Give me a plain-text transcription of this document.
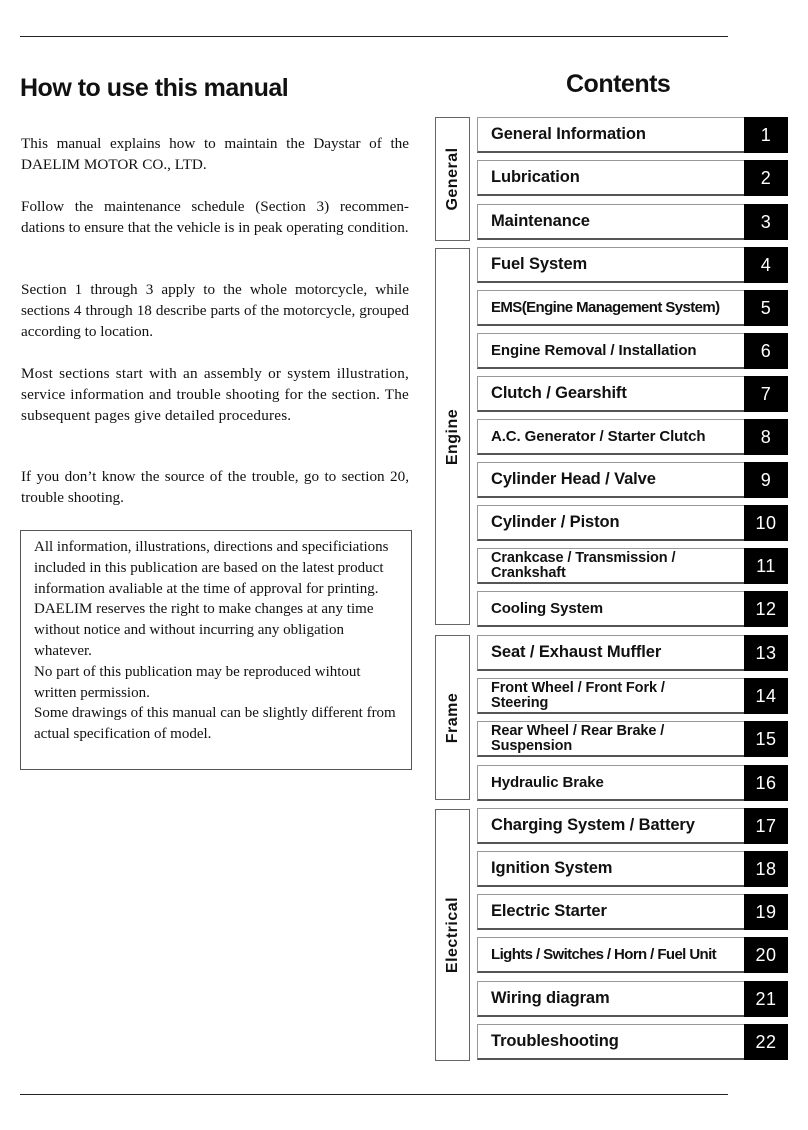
How to use this manual

This manual explains how to maintain the Daystar of the DAELIM MOTOR CO., LTD.

Follow the maintenance schedule (Section 3) recommen-dations to ensure that the vehicle is in peak operating condition.

Section 1 through 3 apply to the whole motorcycle, while sections 4 through 18 describe parts of the motorcycle, grouped according to location.

Most sections start with an assembly or system illustration, service information and trouble shooting for the section. The subsequent pages give detailed procedures.

If you don’t know the source of the trouble, go to section 20, trouble shooting.

All information, illustrations, directions and specificiations included in this publication are based on the latest product information avaliable at the time of approval for printing.

DAELIM reserves the right to make changes at any time without notice and without incurring any obligation whatever.

No part of this publication may be reproduced wihtout written permission.

Some drawings of this manual can be slightly different from actual specification of model.

Contents
General
Engine
Frame
Electrical
General Information	1
Lubrication	2
Maintenance	3
Fuel System	4
EMS(Engine Management System)	5
Engine Removal / Installation	6
Clutch / Gearshift	7
A.C. Generator / Starter Clutch	8
Cylinder Head / Valve	9
Cylinder / Piston	10
Crankcase / Transmission / Crankshaft	11
Cooling System	12
Seat / Exhaust Muffler	13
Front Wheel / Front Fork / Steering	14
Rear Wheel / Rear Brake / Suspension	15
Hydraulic Brake	16
Charging System / Battery	17
Ignition System	18
Electric Starter	19
Lights / Switches / Horn / Fuel Unit	20
Wiring diagram	21
Troubleshooting	22
